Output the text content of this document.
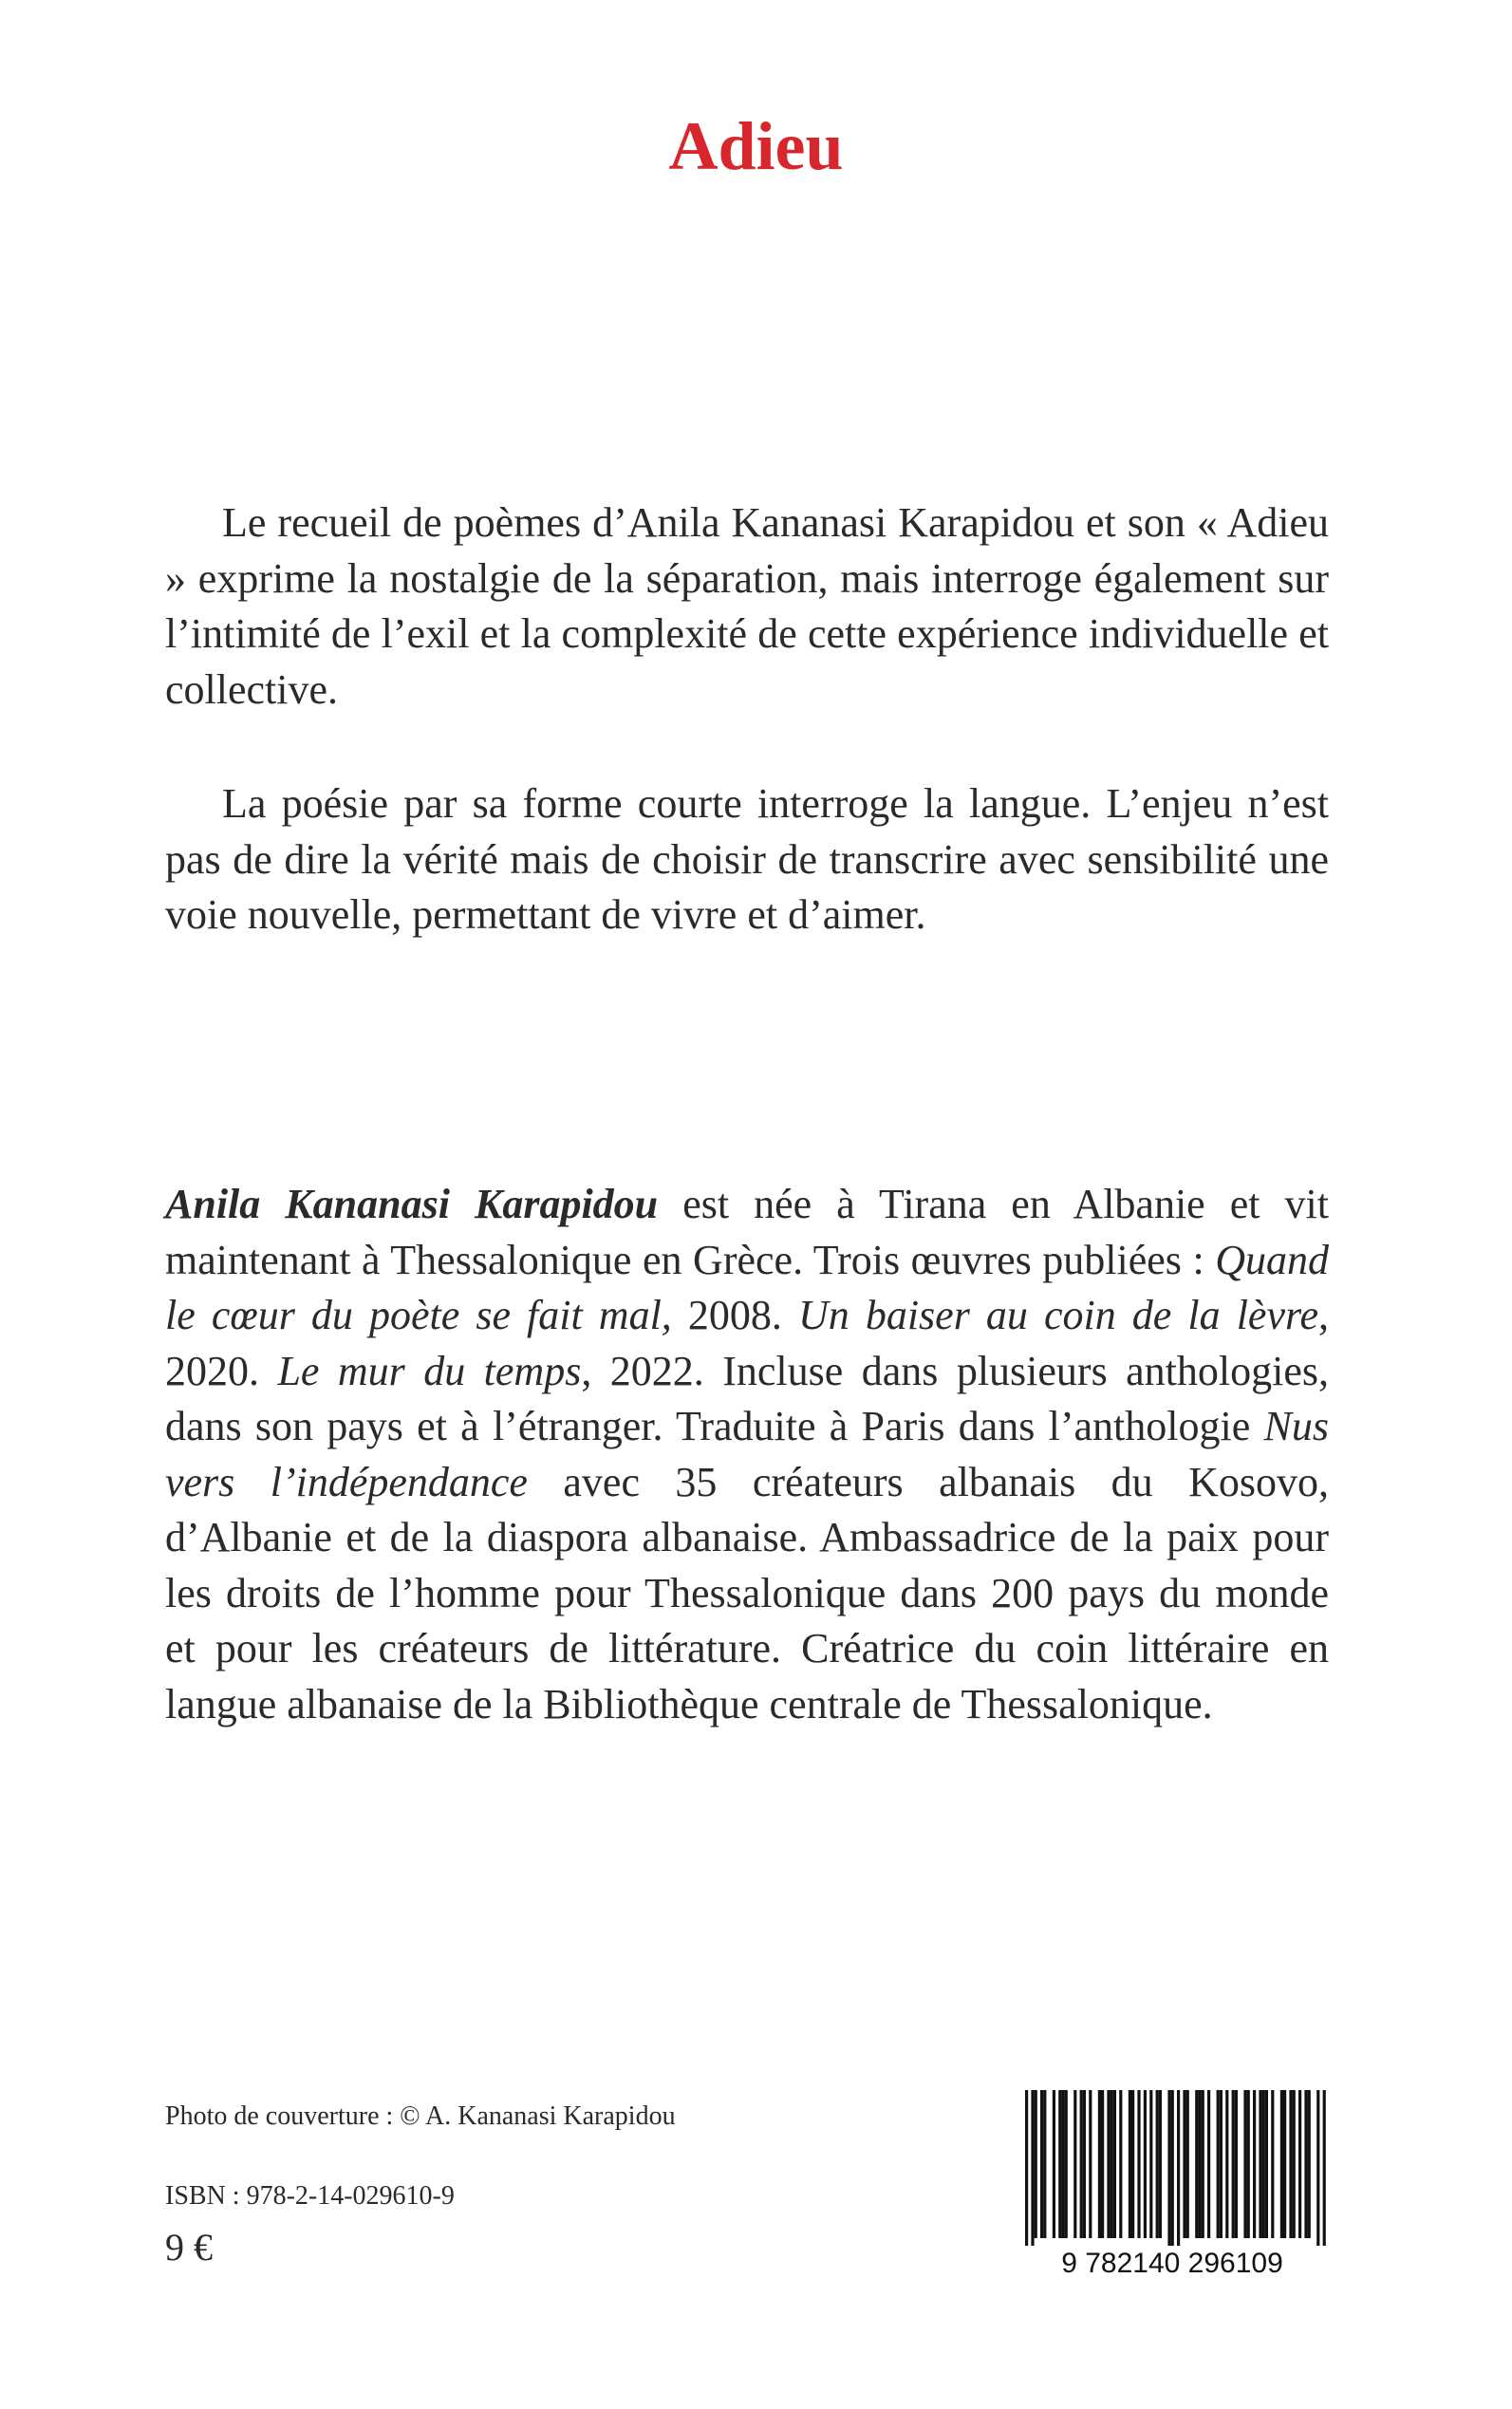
Adieu

Le recueil de poèmes d’Anila Kananasi Karapidou et son « Adieu » exprime la nostalgie de la séparation, mais interroge également sur l’intimité de l’exil et la complexité de cette expérience individuelle et collective.

La poésie par sa forme courte interroge la langue. L’enjeu n’est pas de dire la vérité mais de choisir de transcrire avec sensibilité une voie nouvelle, permettant de vivre et d’aimer.

Anila Kananasi Karapidou est née à Tirana en Albanie et vit maintenant à Thessalonique en Grèce. Trois œuvres publiées : Quand le cœur du poète se fait mal, 2008. Un baiser au coin de la lèvre, 2020. Le mur du temps, 2022. Incluse dans plusieurs anthologies, dans son pays et à l’étranger. Traduite à Paris dans l’anthologie Nus vers l’indépendance avec 35 créateurs albanais du Kosovo, d’Albanie et de la diaspora albanaise. Ambassadrice de la paix pour les droits de l’homme pour Thessalonique dans 200 pays du monde et pour les créateurs de littérature. Créatrice du coin littéraire en langue albanaise de la Bibliothèque centrale de Thessalonique.

Photo de couverture : © A. Kananasi Karapidou

ISBN : 978-2-14-029610-9

9 €	9 782140 296109
